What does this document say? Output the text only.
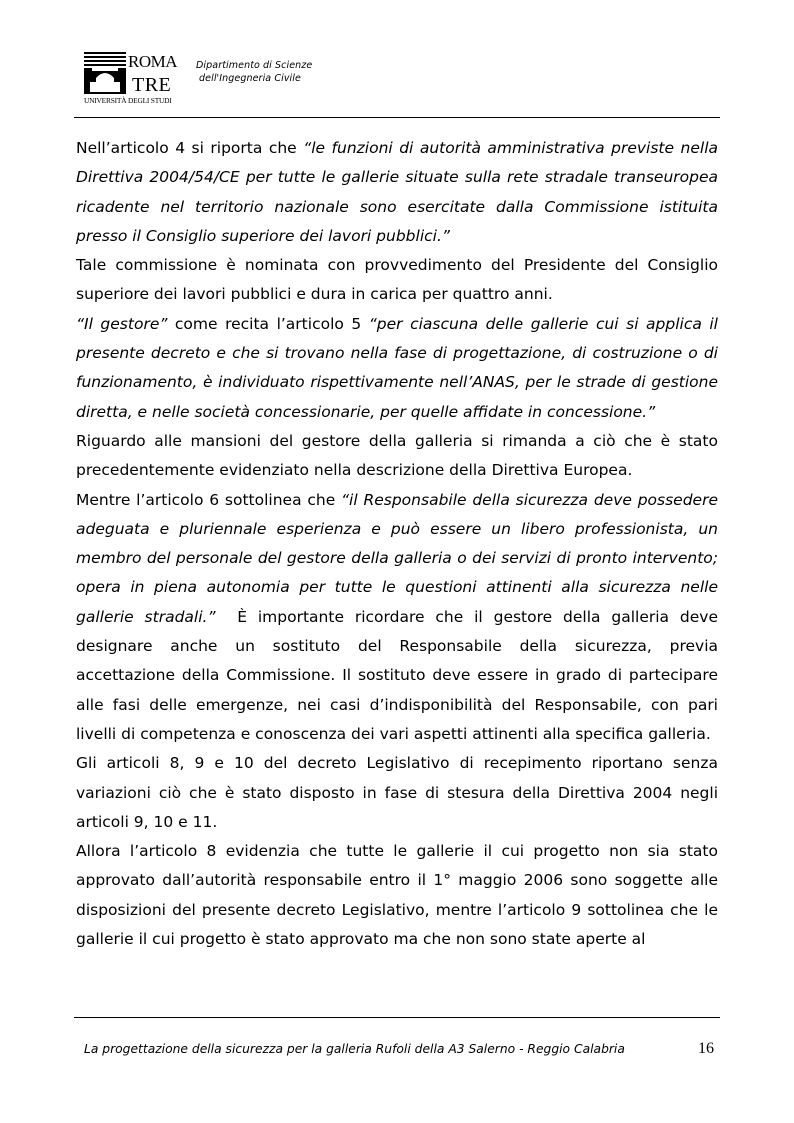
ROMA
TRE
UNIVERSITÀ DEGLI STUDI
Dipartimento di Scienze
dell'Ingegneria Civile

Nell’articolo 4 si riporta che “le funzioni di autorità amministrativa previste nella Direttiva 2004/54/CE per tutte le gallerie situate sulla rete stradale transeuropea ricadente nel territorio nazionale sono esercitate dalla Commissione istituita presso il Consiglio superiore dei lavori pubblici.”

Tale commissione è nominata con provvedimento del Presidente del Consiglio superiore dei lavori pubblici e dura in carica per quattro anni.

“Il gestore” come recita l’articolo 5 “per ciascuna delle gallerie cui si applica il presente decreto e che si trovano nella fase di progettazione, di costruzione o di funzionamento, è individuato rispettivamente nell’ANAS, per le strade di gestione diretta, e nelle società concessionarie, per quelle affidate in concessione.”

Riguardo alle mansioni del gestore della galleria si rimanda a ciò che è stato precedentemente evidenziato nella descrizione della Direttiva Europea.

Mentre l’articolo 6 sottolinea che “il Responsabile della sicurezza deve possedere adeguata e pluriennale esperienza e può essere un libero professionista, un membro del personale del gestore della galleria o dei servizi di pronto intervento; opera in piena autonomia per tutte le questioni attinenti alla sicurezza nelle gallerie stradali.”  È importante ricordare che il gestore della galleria deve designare anche un sostituto del Responsabile della sicurezza, previa accettazione della Commissione. Il sostituto deve essere in grado di partecipare alle fasi delle emergenze, nei casi d’indisponibilità del Responsabile, con pari livelli di competenza e conoscenza dei vari aspetti attinenti alla specifica galleria.

Gli articoli 8, 9 e 10 del decreto Legislativo di recepimento riportano senza variazioni ciò che è stato disposto in fase di stesura della Direttiva 2004 negli articoli 9, 10 e 11.

Allora l’articolo 8 evidenzia che tutte le gallerie il cui progetto non sia stato approvato dall’autorità responsabile entro il 1° maggio 2006 sono soggette alle disposizioni del presente decreto Legislativo, mentre l’articolo 9 sottolinea che le gallerie il cui progetto è stato approvato ma che non sono state aperte al

La progettazione della sicurezza per la galleria Rufoli della A3 Salerno - Reggio Calabria	16
